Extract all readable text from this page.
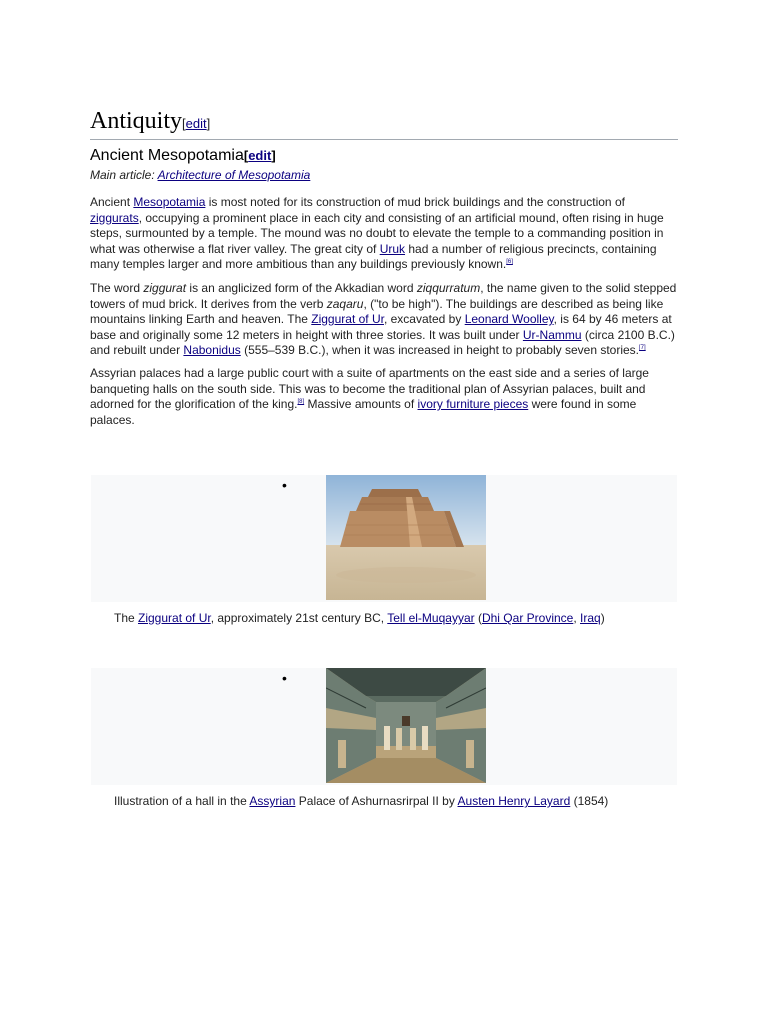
Antiquity[edit]
Ancient Mesopotamia[edit]
Main article: Architecture of Mesopotamia

Ancient Mesopotamia is most noted for its construction of mud brick buildings and the construction of ziggurats, occupying a prominent place in each city and consisting of an artificial mound, often rising in huge steps, surmounted by a temple. The mound was no doubt to elevate the temple to a commanding position in what was otherwise a flat river valley. The great city of Uruk had a number of religious precincts, containing many temples larger and more ambitious than any buildings previously known.[6]

The word ziggurat is an anglicized form of the Akkadian word ziqqurratum, the name given to the solid stepped towers of mud brick. It derives from the verb zaqaru, ("to be high"). The buildings are described as being like mountains linking Earth and heaven. The Ziggurat of Ur, excavated by Leonard Woolley, is 64 by 46 meters at base and originally some 12 meters in height with three stories. It was built under Ur-Nammu (circa 2100 B.C.) and rebuilt under Nabonidus (555–539 B.C.), when it was increased in height to probably seven stories.[7]

Assyrian palaces had a large public court with a suite of apartments on the east side and a series of large banqueting halls on the south side. This was to become the traditional plan of Assyrian palaces, built and adorned for the glorification of the king.[8] Massive amounts of ivory furniture pieces were found in some palaces.

•
The Ziggurat of Ur, approximately 21st century BC, Tell el-Muqayyar (Dhi Qar Province, Iraq)
•
Illustration of a hall in the Assyrian Palace of Ashurnasrirpal II by Austen Henry Layard (1854)
